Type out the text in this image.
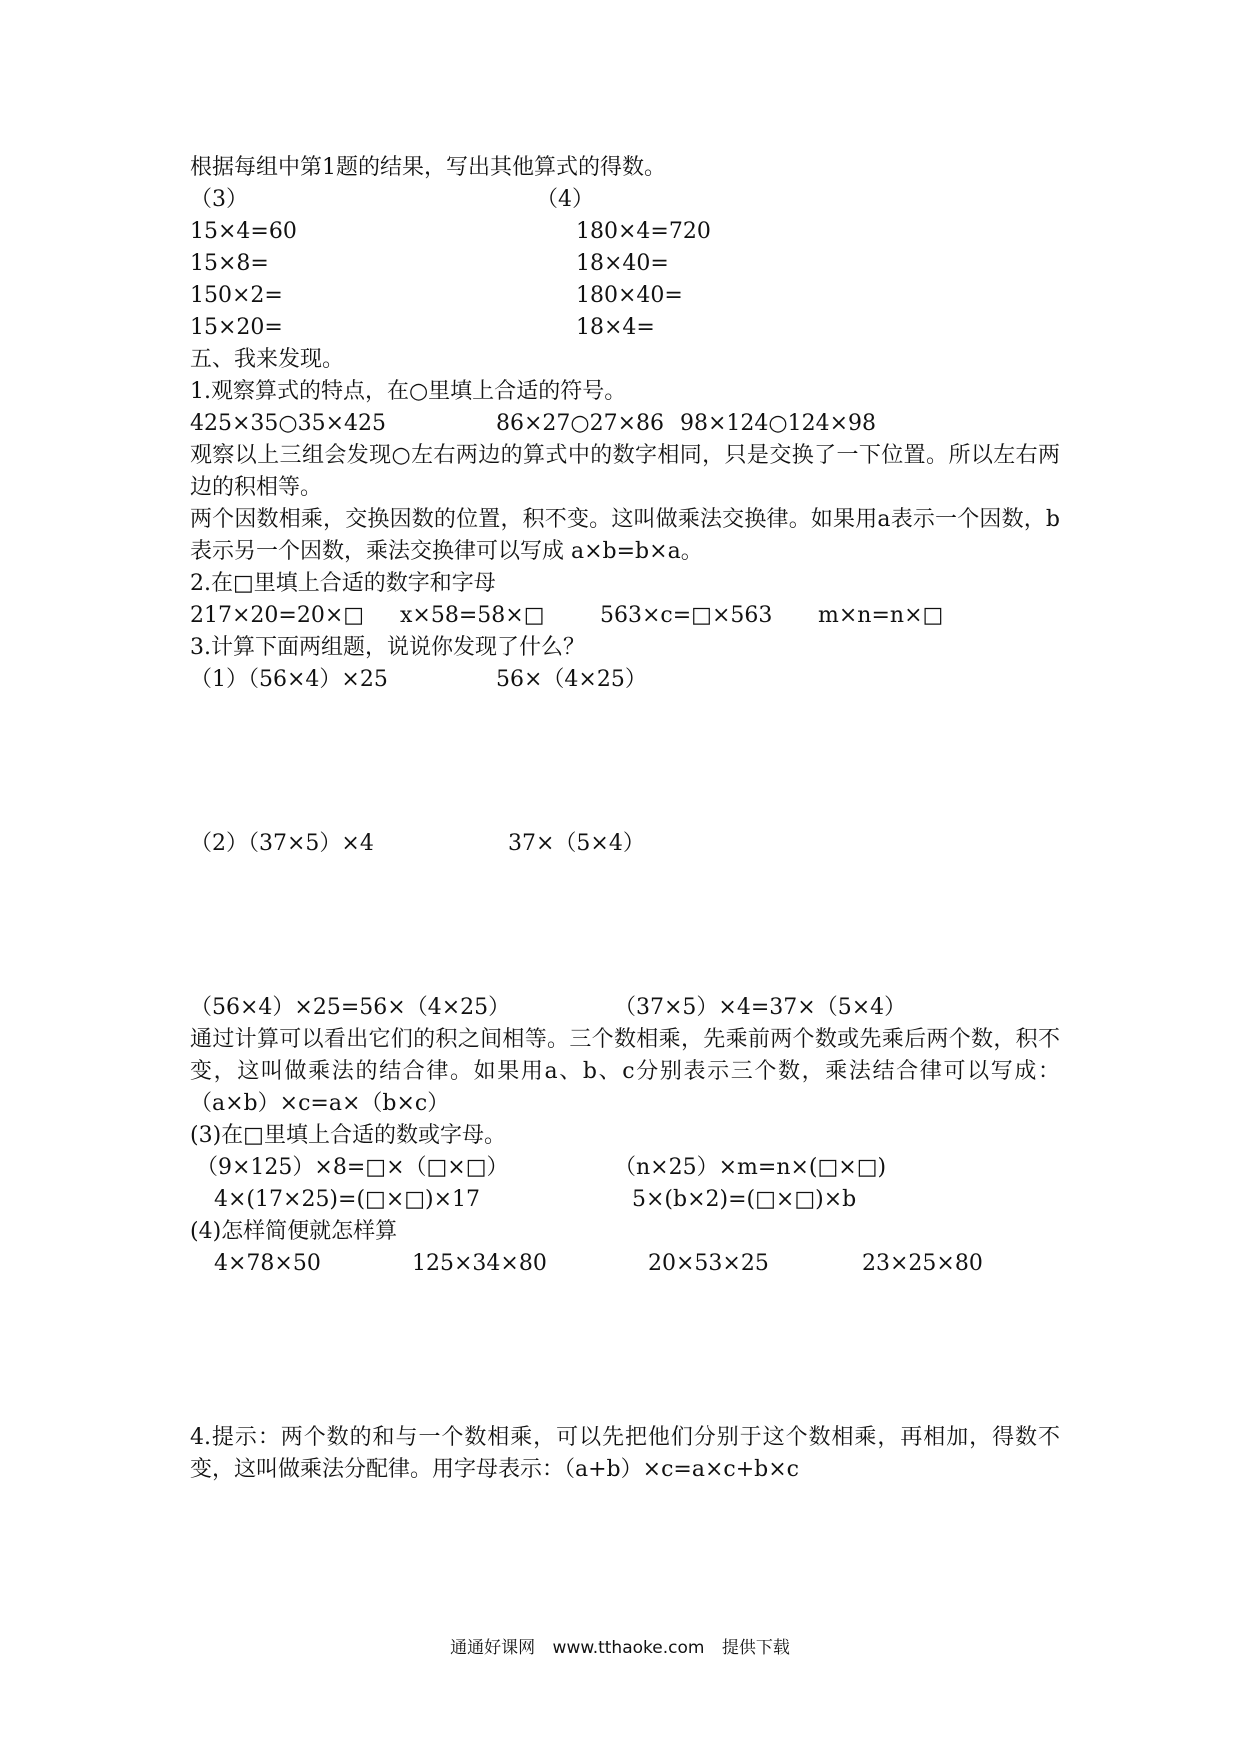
根据每组中第1题的结果，写出其他算式的得数。
（3）	（4）
15×4=60	180×4=720
15×8=	18×40=
150×2=	180×40=
15×20=	18×4=
五、我来发现。
1.观察算式的特点，在○里填上合适的符号。
425×35○35×425	86×27○27×86 98×124○124×98
观察以上三组会发现○左右两边的算式中的数字相同，只是交换了一下位置。所以左右两边的积相等。
两个因数相乘，交换因数的位置，积不变。这叫做乘法交换律。如果用a表示一个因数，b表示另一个因数，乘法交换律可以写成 a×b=b×a。
2.在□里填上合适的数字和字母
217×20=20×□ x×58=58×□	563×c=□×563 m×n=n×□
3.计算下面两组题，说说你发现了什么？
（1）（56×4）×25	56×（4×25）
（2）（37×5）×4	37×（5×4）
（56×4）×25=56×（4×25）	（37×5）×4=37×（5×4）
通过计算可以看出它们的积之间相等。三个数相乘，先乘前两个数或先乘后两个数，积不变，这叫做乘法的结合律。如果用a、b、c分别表示三个数，乘法结合律可以写成：（a×b）×c=a×（b×c）
(3)在□里填上合适的数或字母。
（9×125）×8=□×（□×□）	（n×25）×m=n×(□×□)
4×(17×25)=(□×□)×17	5×(b×2)=(□×□)×b
(4)怎样简便就怎样算
4×78×50	125×34×80	20×53×25	23×25×80
4.提示：两个数的和与一个数相乘，可以先把他们分别于这个数相乘，再相加，得数不变，这叫做乘法分配律。用字母表示：（a+b）×c=a×c+b×c
通通好课网 www.tthaoke.com 提供下载
